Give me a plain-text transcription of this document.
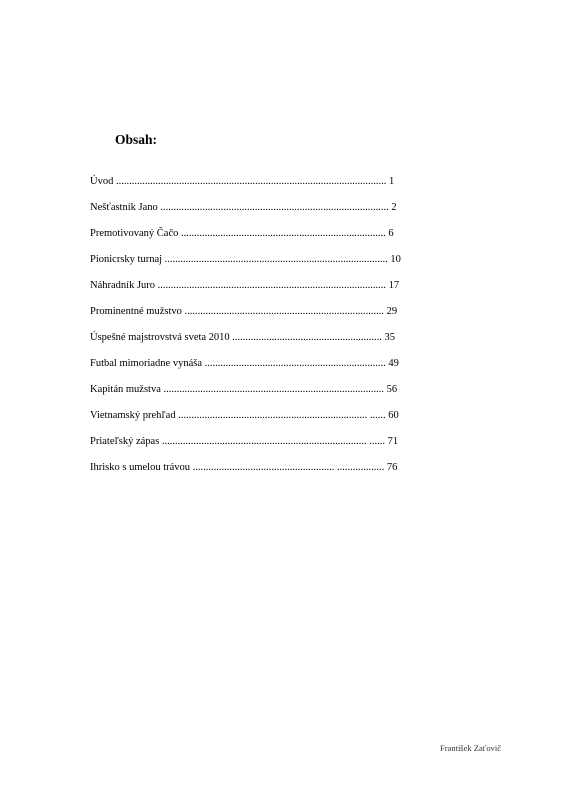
Obsah:
Úvod ....................................................................................................... 1
Nešťastník Jano ....................................................................................... 2
Premotivovaný Čačo .............................................................................. 6
Pionicrsky turnaj ..................................................................................... 10
Náhradník Juro ....................................................................................... 17
Prominentné mužstvo ............................................................................ 29
Úspešné majstrovstvá sveta 2010 ......................................................... 35
Futbal mimoriadne vynáša ..................................................................... 49
Kapitán mužstva .................................................................................... 56
Vietnamský prehľad ........................................................................ ...... 60
Priateľský zápas .............................................................................. ...... 71
Ihrisko s umelou trávou ...................................................... .................. 76
František Zaťovič
